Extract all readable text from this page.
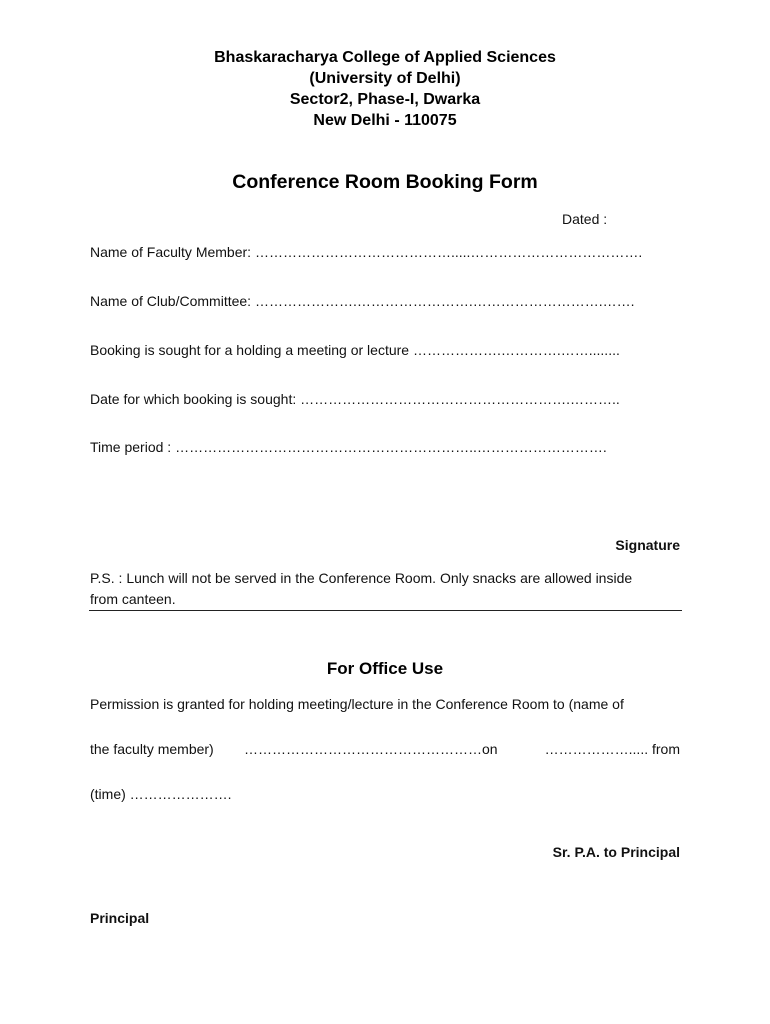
Bhaskaracharya College of Applied Sciences

(University of Delhi)

Sector2, Phase-I, Dwarka

New Delhi - 110075

Conference Room Booking Form

Dated :

Name of Faculty Member: …………………………………….....……………………………….

Name of Club/Committee: ………………….…………………….……………………….…….

Booking is sought for a holding a meeting or lecture ……………….………….……........

Date for which booking is sought: ………………………………………………….………..

Time period : ………………………………………………………..……………………….

Signature

P.S. : Lunch will not be served in the Conference Room. Only snacks are allowed inside

from canteen.

For Office Use

Permission is granted for holding meeting/lecture in the Conference Room to (name of

the faculty member) ……………………………………………on	………………..... from

(time) ………………….

Sr. P.A. to Principal

Principal
